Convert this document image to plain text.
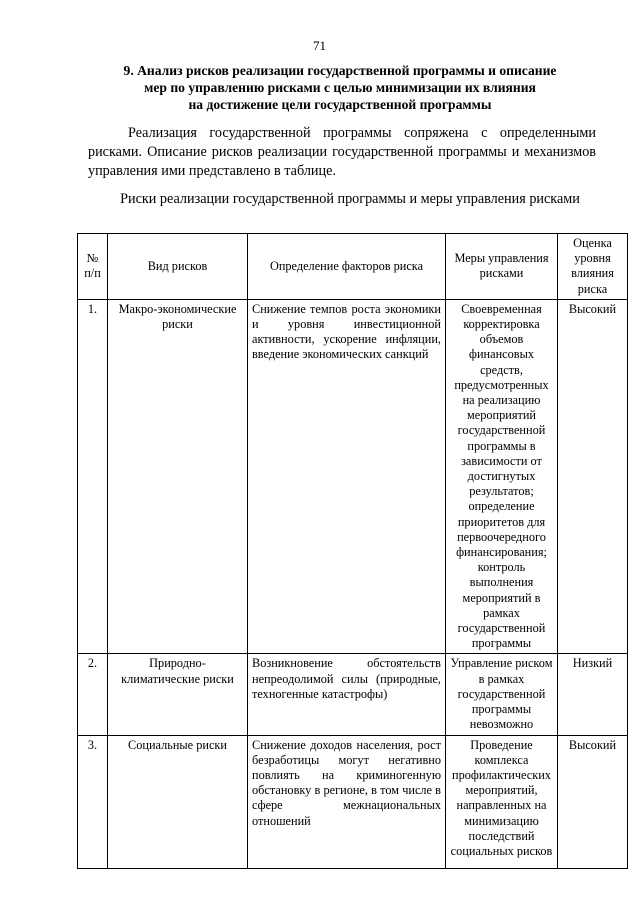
71
9. Анализ рисков реализации государственной программы и описание
мер по управлению рисками с целью минимизации их влияния
на достижение цели государственной программы
Реализация государственной программы сопряжена с определенными рисками. Описание рисков реализации государственной программы и механизмов управления ими представлено в таблице.
Риски реализации государственной программы и меры управления рисками
№ п/п	Вид рисков	Определение факторов риска	Меры управления рисками	Оценка уровня влияния риска
1.	Макро-экономические риски	Снижение темпов роста экономики и уровня инвестиционной активности, ускорение инфляции, введение экономических санкций	Своевременная корректировка объемов финансовых средств, предусмотренных на реализацию мероприятий государственной программы в зависимости от достигнутых результатов; определение приоритетов для первоочередного финансирования; контроль выполнения мероприятий в рамках государственной программы	Высокий
2.	Природно-климатические риски	Возникновение обстоятельств непреодолимой силы (природные, техногенные катастрофы)	Управление риском в рамках государственной программы невозможно	Низкий
3.	Социальные риски	Снижение доходов населения, рост безработицы могут негативно повлиять на криминогенную обстановку в регионе, в том числе в сфере межнациональных отношений	Проведение комплекса профилактических мероприятий, направленных на минимизацию последствий социальных рисков	Высокий
